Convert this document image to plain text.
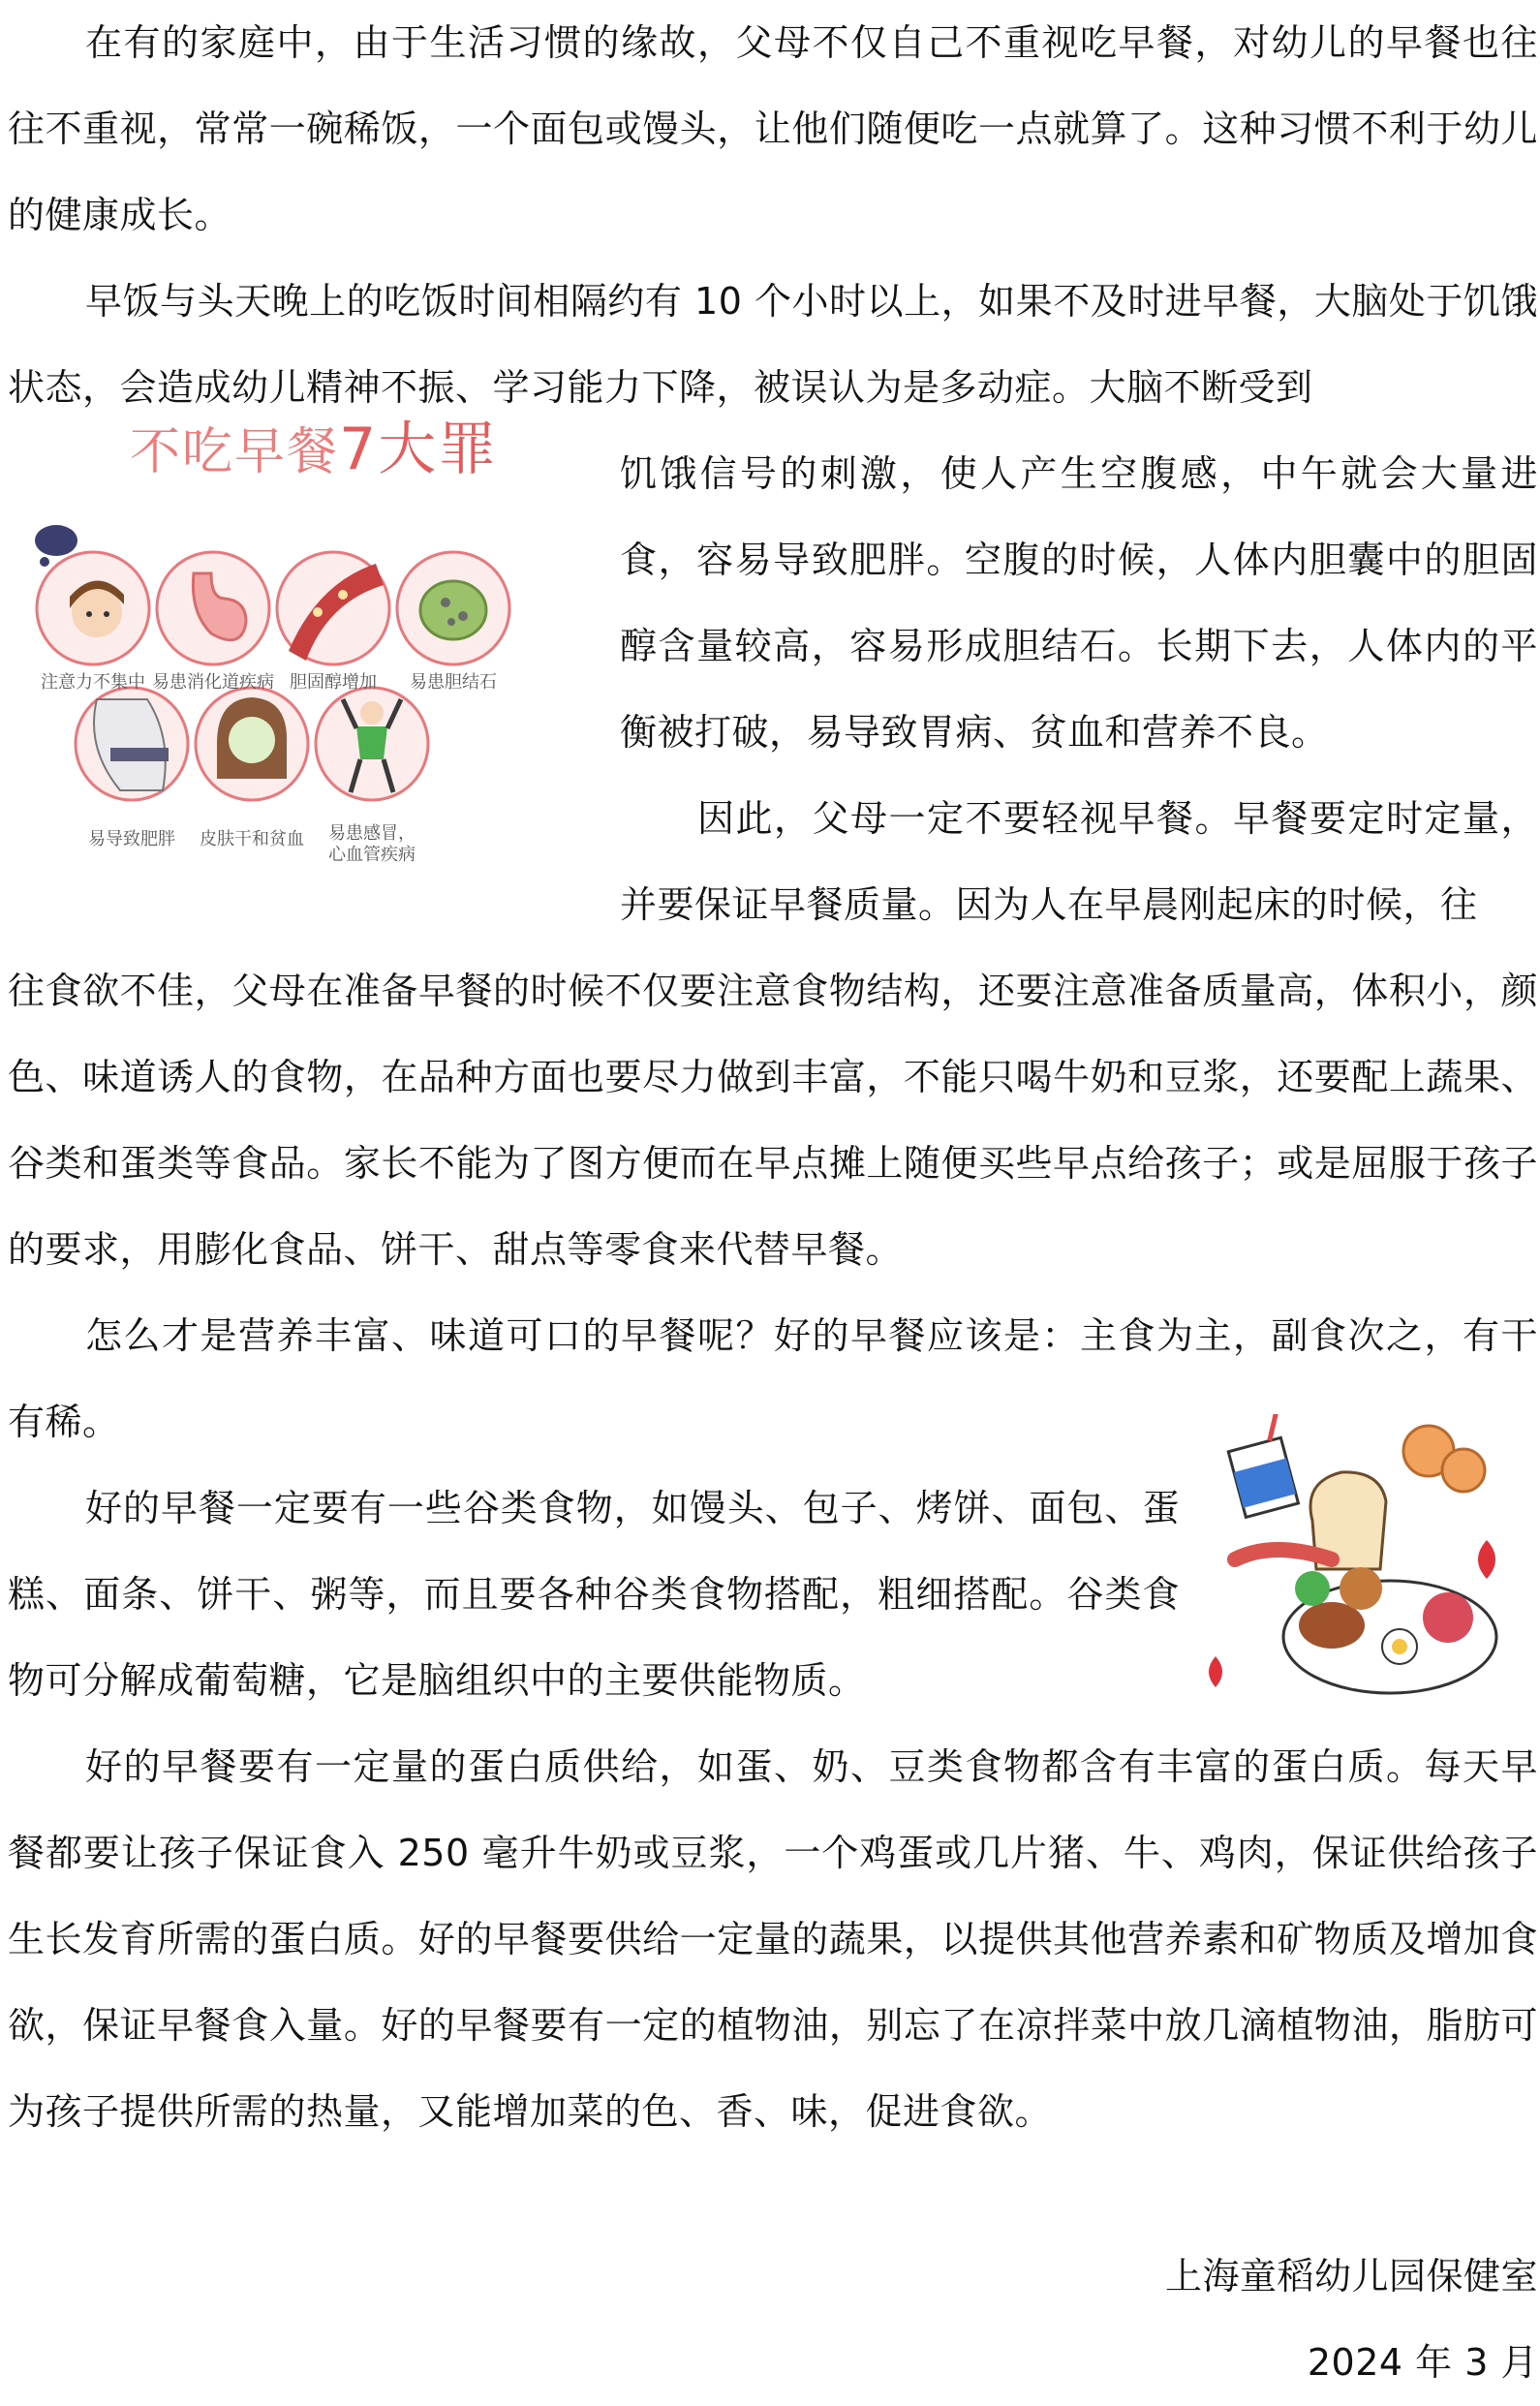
在有的家庭中，由于生活习惯的缘故，父母不仅自己不重视吃早餐，对幼儿的早餐也往往不重视，常常一碗稀饭，一个面包或馒头，让他们随便吃一点就算了。这种习惯不利于幼儿的健康成长。

早饭与头天晚上的吃饭时间相隔约有 10 个小时以上，如果不及时进早餐，大脑处于饥饿状态，会造成幼儿精神不振、学习能力下降，被误认为是多动症。大脑不断受到

饥饿信号的刺激，使人产生空腹感，中午就会大量进食，容易导致肥胖。空腹的时候，人体内胆囊中的胆固醇含量较高，容易形成胆结石。长期下去，人体内的平衡被打破，易导致胃病、贫血和营养不良。

因此，父母一定不要轻视早餐。早餐要定时定量，并要保证早餐质量。因为人在早晨刚起床的时候，往

往食欲不佳，父母在准备早餐的时候不仅要注意食物结构，还要注意准备质量高，体积小，颜色、味道诱人的食物，在品种方面也要尽力做到丰富，不能只喝牛奶和豆浆，还要配上蔬果、谷类和蛋类等食品。家长不能为了图方便而在早点摊上随便买些早点给孩子；或是屈服于孩子的要求，用膨化食品、饼干、甜点等零食来代替早餐。

怎么才是营养丰富、味道可口的早餐呢？好的早餐应该是：主食为主，副食次之，有干有稀。

好的早餐一定要有一些谷类食物，如馒头、包子、烤饼、面包、蛋糕、面条、饼干、粥等，而且要各种谷类食物搭配，粗细搭配。谷类食物可分解成葡萄糖，它是脑组织中的主要供能物质。

好的早餐要有一定量的蛋白质供给，如蛋、奶、豆类食物都含有丰富的蛋白质。每天早餐都要让孩子保证食入 250 毫升牛奶或豆浆，一个鸡蛋或几片猪、牛、鸡肉，保证供给孩子生长发育所需的蛋白质。好的早餐要供给一定量的蔬果，以提供其他营养素和矿物质及增加食欲，保证早餐食入量。好的早餐要有一定的植物油，别忘了在凉拌菜中放几滴植物油，脂肪可为孩子提供所需的热量，又能增加菜的色、香、味，促进食欲。

上海童稻幼儿园保健室

2024 年 3 月

不吃早餐7大罪
注意力不集中 易患消化道疾病 胆固醇增加	易患胆结石
易导致肥胖	皮肤干和贫血	易患感冒，
心血管疾病
